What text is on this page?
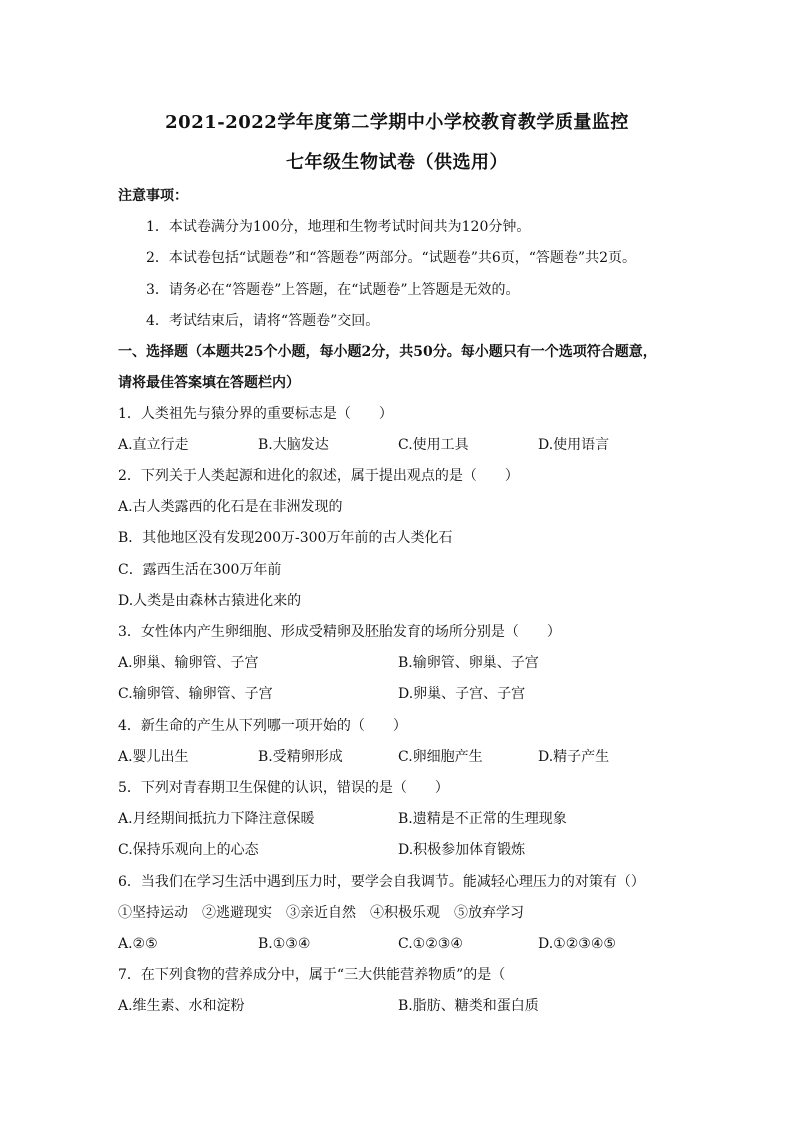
2021-2022学年度第二学期中小学校教育教学质量监控
七年级生物试卷（供选用）
注意事项：
1．本试卷满分为100分，地理和生物考试时间共为120分钟。
2．本试卷包括“试题卷”和“答题卷”两部分。“试题卷”共6页，“答题卷”共2页。
3．请务必在“答题卷”上答题，在“试题卷”上答题是无效的。
4．考试结束后，请将“答题卷”交回。
一、选择题（本题共25个小题，每小题2分，共50分。每小题只有一个选项符合题意，
请将最佳答案填在答题栏内）
1．人类祖先与猿分界的重要标志是（　　）
A.直立行走	B.大脑发达	C.使用工具	D.使用语言
2．下列关于人类起源和进化的叙述，属于提出观点的是（　　）
A.古人类露西的化石是在非洲发现的
B．其他地区没有发现200万-300万年前的古人类化石
C．露西生活在300万年前
D.人类是由森林古猿进化来的
3．女性体内产生卵细胞、形成受精卵及胚胎发育的场所分别是（　　）
A.卵巢、输卵管、子宫	B.输卵管、卵巢、子宫
C.输卵管、输卵管、子宫	D.卵巢、子宫、子宫
4．新生命的产生从下列哪一项开始的（　　）
A.婴儿出生	B.受精卵形成	C.卵细胞产生	D.精子产生
5．下列对青春期卫生保健的认识，错误的是（　　）
A.月经期间抵抗力下降注意保暖	B.遗精是不正常的生理现象
C.保持乐观向上的心态	D.积极参加体育锻炼
6．当我们在学习生活中遇到压力时，要学会自我调节。能减轻心理压力的对策有（）
①坚持运动　②逃避现实　③亲近自然　④积极乐观　⑤放弃学习
A.②⑤	B.①③④	C.①②③④	D.①②③④⑤
7．在下列食物的营养成分中，属于“三大供能营养物质”的是（
A.维生素、水和淀粉	B.脂肪、糖类和蛋白质
